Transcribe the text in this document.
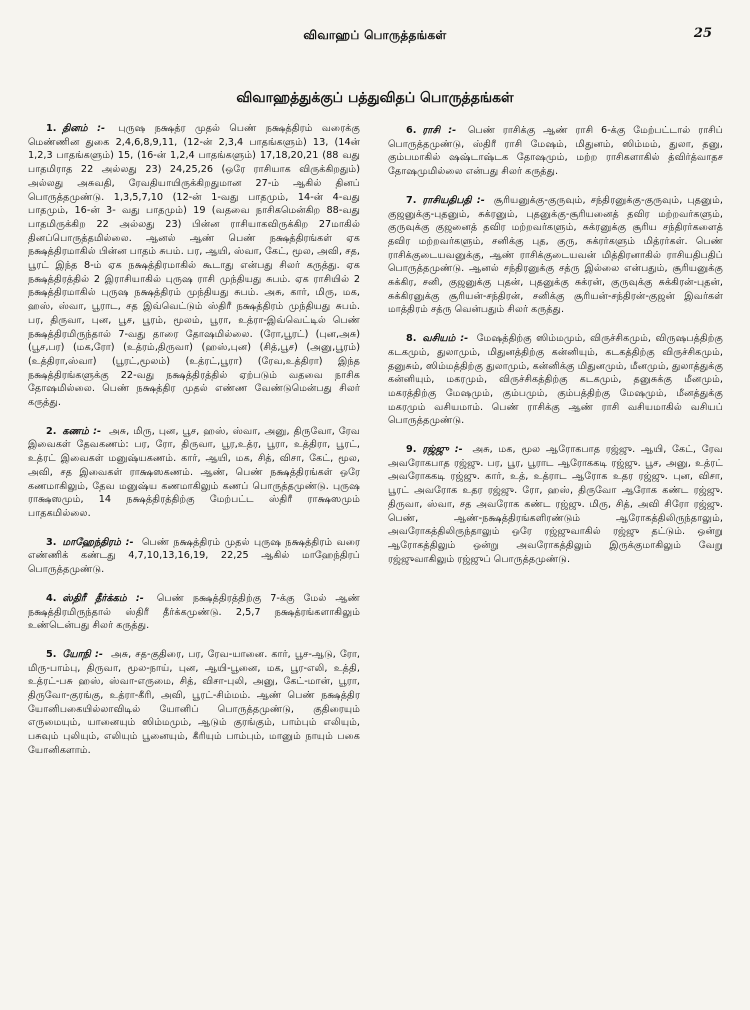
விவாஹப் பொருத்தங்கள்	25
விவாஹத்துக்குப் பத்துவிதப் பொருத்தங்கள்

1. தினம் :- புருஷ நக்ஷத்ர முதல் பெண் நக்ஷத்திரம் வரைக்கு மெண்ணின துகை 2,4,6,8,9,11, (12-ன் 2,3,4 பாதங்களும்) 13, (14ன் 1,2,3 பாதங்களும்) 15, (16-ன் 1,2,4 பாதங்களும்) 17,18,20,21 (88 வது பாதமிராத 22 அல்லது 23) 24,25,26 (ஒரே ராசியாக விருக்கிறதும்) அல்லது அசுவதி, ரேவதியாயிருக்கிறதுமான 27-ம் ஆகில் தினப் பொருத்தமுண்டு. 1,3,5,7,10 (12-ன் 1-வது பாதமும், 14-ன் 4-வது பாதமும், 16-ன் 3- வது பாதமும்) 19 (வதவை நாசிகமென்கிற 88-வது பாதமிருக்கிற 22 அல்லது 23) பின்ன ராசியாகவிருக்கிற 27மாகில் தினப்பொருத்தமில்லை. ஆனல் ஆண் பெண் நக்ஷத்திரங்கள் ஏக நக்ஷத்திரமாகில் பின்ன பாதம் சுபம். பர, ஆயி, ஸ்வா, கேட், மூல, அவி, சத, பூரட் இந்த 8-ம் ஏக நக்ஷத்திரமாகில் கூடாது என்பது சிலர் கருத்து. ஏக நக்ஷத்திரத்தில் 2 இராசியாகில் புருஷ ராசி முந்தியது சுபம். ஏக ராசியில் 2 நக்ஷத்திரமாகில் புருஷ நக்ஷத்திரம் முந்தியது சுபம். அசு, கார், மிரு, மக, ஹஸ், ஸ்வா, பூராட, சத இவ்வெட்டும் ஸ்திரீ நக்ஷத்திரம் முந்தியது சுபம். பர, திருவா, புன, பூச, பூரம், மூலம், பூரா, உத்ரா-இவ்வெட்டில் பெண் நக்ஷத்திரமிருந்தால் 7-வது தாரை தோஷமில்லை. (ரோ,பூரட்) (புன,அசு) (பூச,பர) (மக,ரோ) (உத்ரம்,திருவா) (ஹஸ்,புன) (சித்,பூச) (அனு,பூரம்) (உத்திரா,ஸ்வா) (பூரட்,மூலம்) (உத்ரட்,பூரா) (ரேவ,உத்திரா) இந்த நக்ஷத்திரங்களுக்கு 22-வது நக்ஷத்திரத்தில் ஏற்படும் வதவை நாசிக தோஷமில்லை. பெண் நக்ஷத்திர முதல் எண்ண வேண்டுமென்பது சிலர் கருத்து.

2. கணம் :- அசு, மிரு, புன, பூச, ஹஸ், ஸ்வா, அனு, திருவோ, ரேவ இவைகள் தேவகணம்: பர, ரோ, திருவா, பூர,உத்ர, பூரா, உத்திரா, பூரட், உத்ரட் இவைகள் மனுஷ்யகணம். கார், ஆயி, மக, சித், விசா, கேட், மூல, அவி, சத இவைகள் ராக்ஷஸகணம். ஆண், பெண் நக்ஷத்திரங்கள் ஒரே கணமாகிலும், தேவ மனுஷ்ய கணமாகிலும் கணப் பொருத்தமுண்டு. புருஷ ராக்ஷஸமும், 14 நக்ஷத்திரத்திற்கு மேற்பட்ட ஸ்திரீ ராக்ஷஸமும் பாதகமில்லை.

3. மாஹேந்திரம் :- பெண் நக்ஷத்திரம் முதல் புருஷ நக்ஷத்திரம் வரை எண்ணிக் கண்டது 4,7,10,13,16,19, 22,25 ஆகில் மாஹேந்திரப் பொருத்தமுண்டு.

4. ஸ்திரீ தீர்க்கம் :- பெண் நக்ஷத்திரத்திற்கு 7-க்கு மேல் ஆண் நக்ஷத்திரமிருந்தால் ஸ்திரீ தீர்க்கமுண்டு. 2,5,7 நக்ஷத்ரங்களாகிலும் உண்டென்பது சிலர் கருத்து.

5. யோநி :- அசு, சத-குதிரை, பர, ரேவ-யானை. கார், பூச-ஆடு, ரோ, மிரு-பாம்பு, திருவா, மூல-நாய், புன, ஆயி-பூனை, மக, பூர-எலி, உத்தி, உத்ரட்-பசு ஹஸ், ஸ்வா-எருமை, சித், விசா-புலி, அனு, கேட்-மான், பூரா, திருவோ-குரங்கு, உத்ரா-கீரி, அவி, பூரட்-சிம்மம். ஆண் பெண் நக்ஷத்திர யோனிபகையில்லாவிடில் யோனிப் பொருத்தமுண்டு, குதிரையும் எருமையும், யானையும் ஸிம்மமும், ஆடும் குரங்கும், பாம்பும் எலியும், பசுவும் புலியும், எலியும் பூனையும், கீரியும் பாம்பும், மானும் நாயும் பகை யோனிகளாம்.

6. ராசி :- பெண் ராசிக்கு ஆண் ராசி 6-க்கு மேற்பட்டால் ராசிப் பொருத்தமுண்டு, ஸ்திரீ ராசி மேஷம், மிதுனம், ஸிம்மம், துலா, தனு, கும்பமாகில் ஷஷ்டாஷ்டக தோஷமும், மற்ற ராசிகளாகில் த்விர்த்வாதச தோஷமுமில்லை என்பது சிலர் கருத்து.

7. ராசியதிபதி :- சூரியனுக்கு-குருவும், சந்திரனுக்கு-குருவும், புதனும், குஜனுக்கு-புதனும், சுக்ரனும், புதனுக்கு-சூரியனைத் தவிர மற்றவர்களும், குருவுக்கு குஜனைத் தவிர மற்றவர்களும், சுக்ரனுக்கு சூரிய சந்திரர்களைத் தவிர மற்றவர்களும், சனிக்கு புத, குரு, சுக்ரர்களும் மித்ரர்கள். பெண் ராசிக்குடையவனுக்கு, ஆண் ராசிக்குடையவன் மித்திரனாகில் ராசியதிபதிப் பொருத்தமுண்டு. ஆனல் சந்திரனுக்கு சத்ரு இல்லை என்பதும், சூரியனுக்கு சுக்கிர, சனி, குஜனுக்கு புதன், புதனுக்கு சுக்ரன், குருவுக்கு சுக்கிரன்-புதன், சுக்கிரனுக்கு சூரியன்-சந்திரன், சனிக்கு சூரியன்-சந்திரன்-குஜன் இவர்கள் மாத்திரம் சத்ரு வென்பதும் சிலர் கருத்து.

8. வசியம் :- மேஷத்திற்கு ஸிம்மமும், விருச்சிகமும், விருஷபத்திற்கு கடகமும், துலாமும், மிதுனத்திற்கு கன்னியும், கடகத்திற்கு விருச்சிகமும், தனுசும், ஸிம்மத்திற்கு துலாமும், கன்னிக்கு மிதுனமும், மீனமும், துலாத்துக்கு கன்னியும், மகரமும், விருச்சிகத்திற்கு கடகமும், தனுசுக்கு மீனமும், மகரத்திற்கு மேஷமும், கும்பமும், கும்பத்திற்கு மேஷமும், மீனத்துக்கு மகரமும் வசியமாம். பெண் ராசிக்கு ஆண் ராசி வசியமாகில் வசியப் பொருத்தமுண்டு.

9. ரஜ்ஜு :- அசு, மக, மூல ஆரோகபாத ரஜ்ஜு. ஆயி, கேட், ரேவ அவரோகபாத ரஜ்ஜு. பர, பூர, பூராட ஆரோககடி ரஜ்ஜு. பூச, அனு, உத்ரட் அவரோககடி ரஜ்ஜு. கார், உத், உத்ராட ஆரோக உதர ரஜ்ஜு. புன, விசா, பூரட் அவரோக உதர ரஜ்ஜு. ரோ, ஹஸ், திருவோ ஆரோக கண்ட ரஜ்ஜு. திருவா, ஸ்வா, சத அவரோக கண்ட ரஜ்ஜு. மிரு, சித், அவி சிரோ ரஜ்ஜு. பெண், ஆண்-நக்ஷத்திரங்களிரண்டும் ஆரோகத்திலிருந்தாலும், அவரோகத்திலிருந்தாலும் ஒரே ரஜ்ஜுவாகில் ரஜ்ஜு தட்டும். ஒன்று ஆரோகத்திலும் ஒன்று அவரோகத்திலும் இருக்குமாகிலும் வேறு ரஜ்ஜுவாகிலும் ரஜ்ஜுப் பொருத்தமுண்டு.
